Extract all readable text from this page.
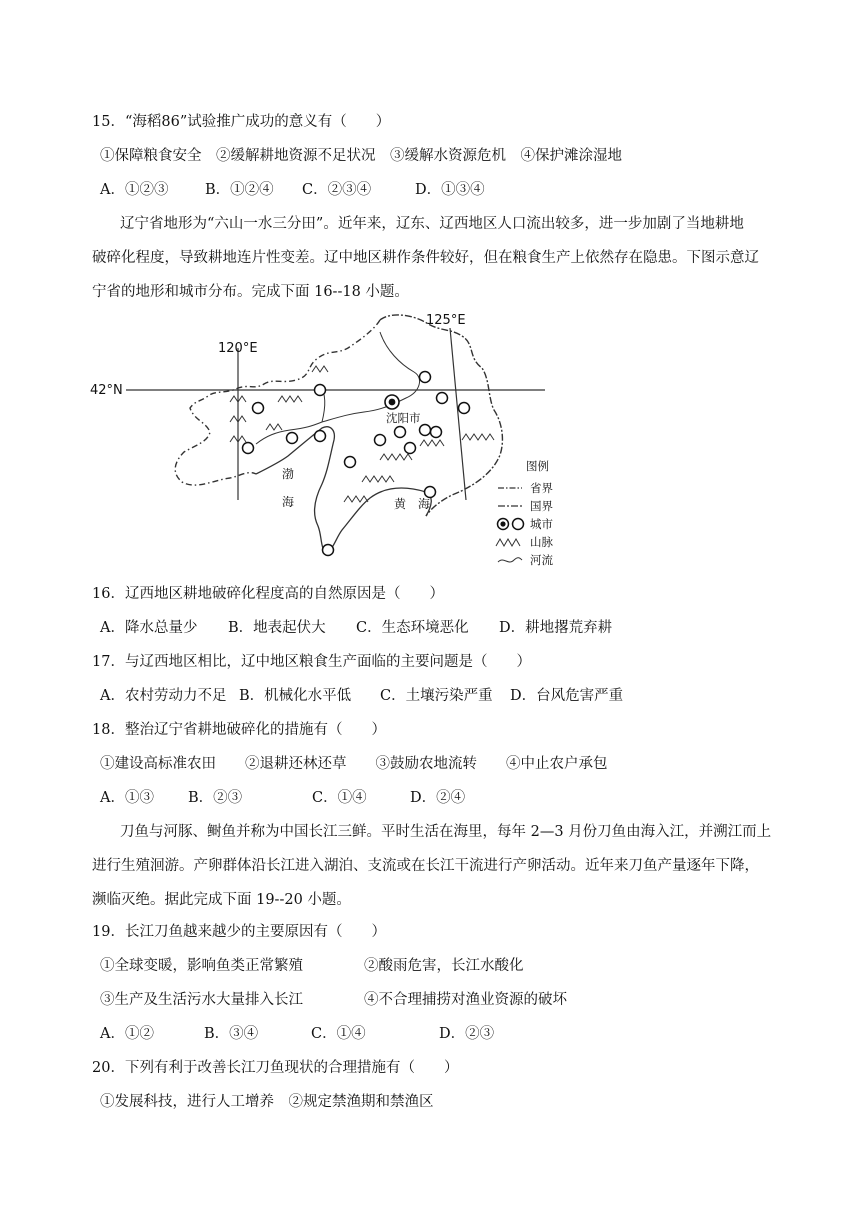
15．“海稻86”试验推广成功的意义有（　　）
①保障粮食安全　②缓解耕地资源不足状况　③缓解水资源危机　④保护滩涂湿地
A．①②③	B．①②④ C．②③④	D．①③④
辽宁省地形为“六山一水三分田”。近年来，辽东、辽西地区人口流出较多，进一步加剧了当地耕地
破碎化程度，导致耕地连片性变差。辽中地区耕作条件较好，但在粮食生产上依然存在隐患。下图示意辽
宁省的地形和城市分布。完成下面 16--18 小题。
120°E
125°E
42°N
沈阳市
渤
海	黄　海
图例
省界
国界
城市
山脉
河流
16．辽西地区耕地破碎化程度高的自然原因是（　　）
A．降水总量少 B．地表起伏大 C．生态环境恶化 D．耕地撂荒弃耕
17．与辽西地区相比，辽中地区粮食生产面临的主要问题是（　　）
A．农村劳动力不足 B．机械化水平低 C．土壤污染严重 D．台风危害严重
18．整治辽宁省耕地破碎化的措施有（　　）
①建设高标准农田　　②退耕还林还草　　③鼓励农地流转　　④中止农户承包
A．①③ B．②③	C．①④	D．②④
刀鱼与河豚、鲥鱼并称为中国长江三鲜。平时生活在海里，每年 2—3 月份刀鱼由海入江，并溯江而上
进行生殖洄游。产卵群体沿长江进入湖泊、支流或在长江干流进行产卵活动。近年来刀鱼产量逐年下降，
濒临灭绝。据此完成下面 19--20 小题。
19．长江刀鱼越来越少的主要原因有（　　）
①全球变暖，影响鱼类正常繁殖	②酸雨危害，长江水酸化
③生产及生活污水大量排入长江	④不合理捕捞对渔业资源的破坏
A．①②	B．③④	C．①④	D．②③
20．下列有利于改善长江刀鱼现状的合理措施有（　　）
①发展科技，进行人工增养　②规定禁渔期和禁渔区
